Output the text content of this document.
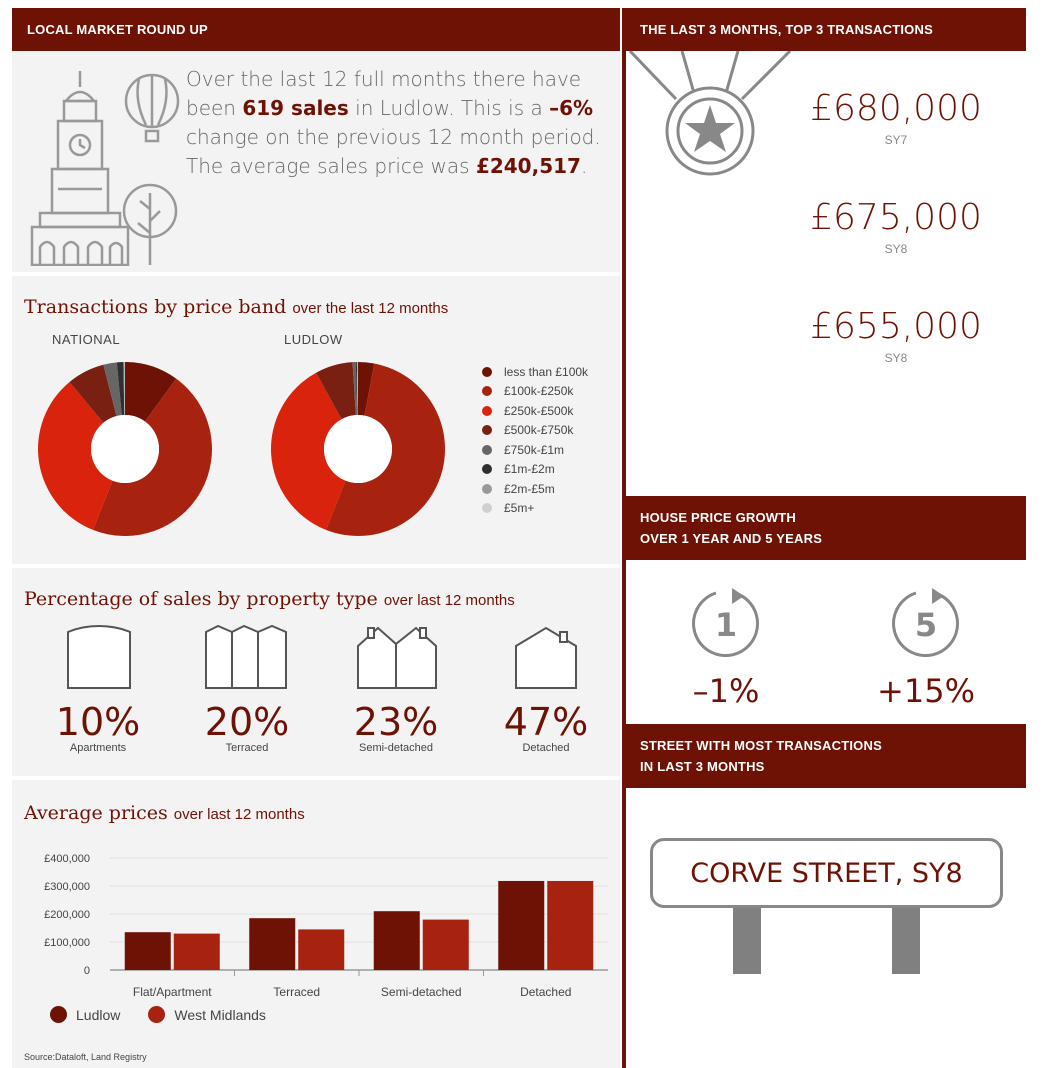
LOCAL MARKET ROUND UP
Over the last 12 full months there have been 619 sales in Ludlow. This is a –6% change on the previous 12 month period. The average sales price was £240,517.
Transactions by price band over the last 12 months
NATIONAL	LUDLOW
less than £100k
£100k-£250k
£250k-£500k
£500k-£750k
£750k-£1m
£1m-£2m
£2m-£5m
£5m+
Percentage of sales by property type over last 12 months
10%
Apartments
20%
Terraced
23%
Semi-detached
47%
Detached
Average prices over last 12 months
£400,000
£300,000
£200,000
£100,000
0
Flat/Apartment	Terraced	Semi-detached	Detached
Ludlow	West Midlands
Source:Dataloft, Land Registry
THE LAST 3 MONTHS, TOP 3 TRANSACTIONS
£680,000
SY7
£675,000
SY8
£655,000
SY8
HOUSE PRICE GROWTH
OVER 1 YEAR AND 5 YEARS
1	5
–1%	+15%
STREET WITH MOST TRANSACTIONS
IN LAST 3 MONTHS
CORVE STREET, SY8
